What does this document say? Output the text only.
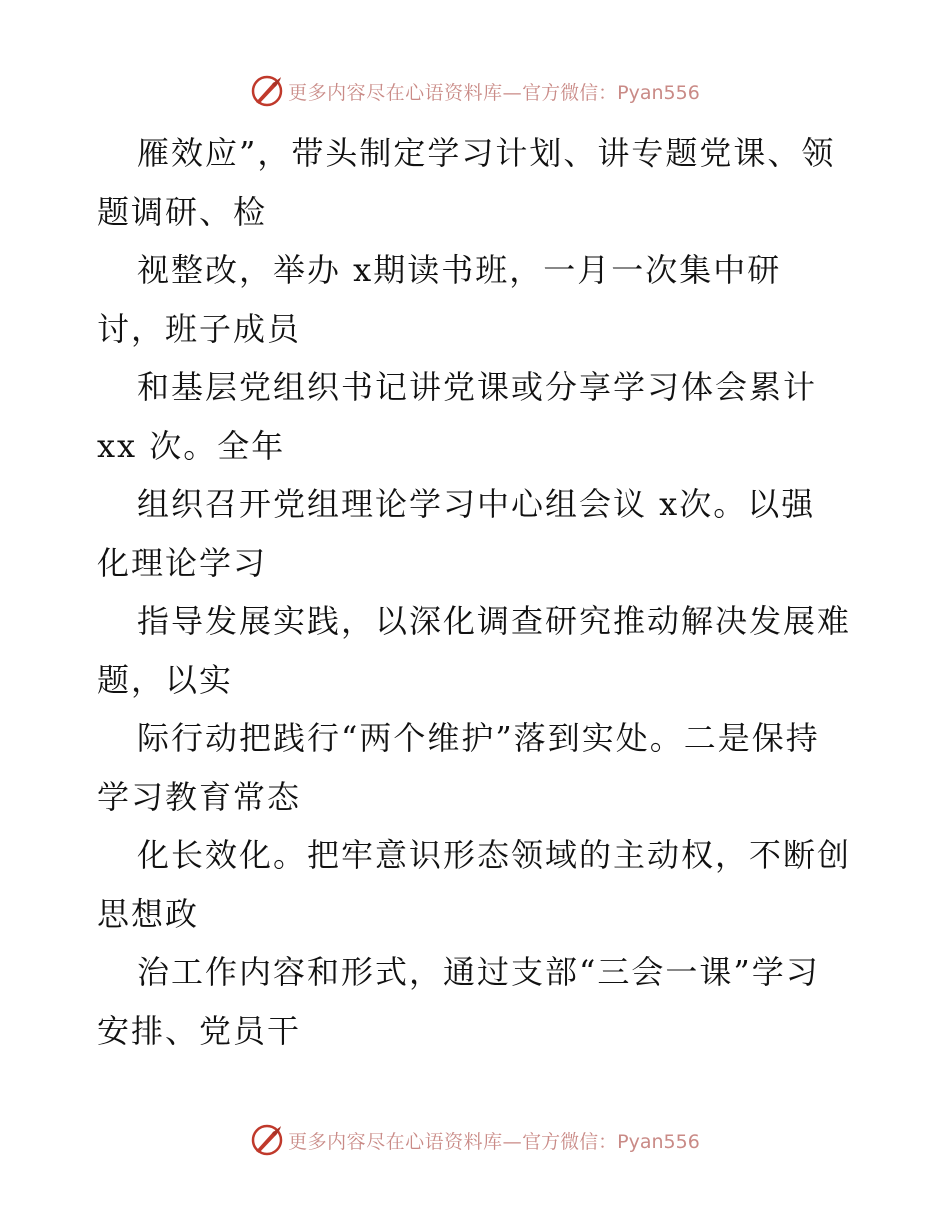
更多内容尽在心语资料库— 官方微信：Pyan556
雁效应”，带头制定学习计划、讲专题党课、领
题调研、检
视整改，举办 x期读书班，一月一次集中研
讨，班子成员
和基层党组织书记讲党课或分享学习体会累计
xx 次。全年
组织召开党组理论学习中心组会议 x次。以强
化理论学习
指导发展实践，以深化调查研究推动解决发展难
题，以实
际行动把践行“两个维护”落到实处。二是保持
学习教育常态
化长效化。把牢意识形态领域的主动权，不断创
思想政
治工作内容和形式，通过支部“三会一课”学习
安排、党员干
更多内容尽在心语资料库— 官方微信：Pyan556
